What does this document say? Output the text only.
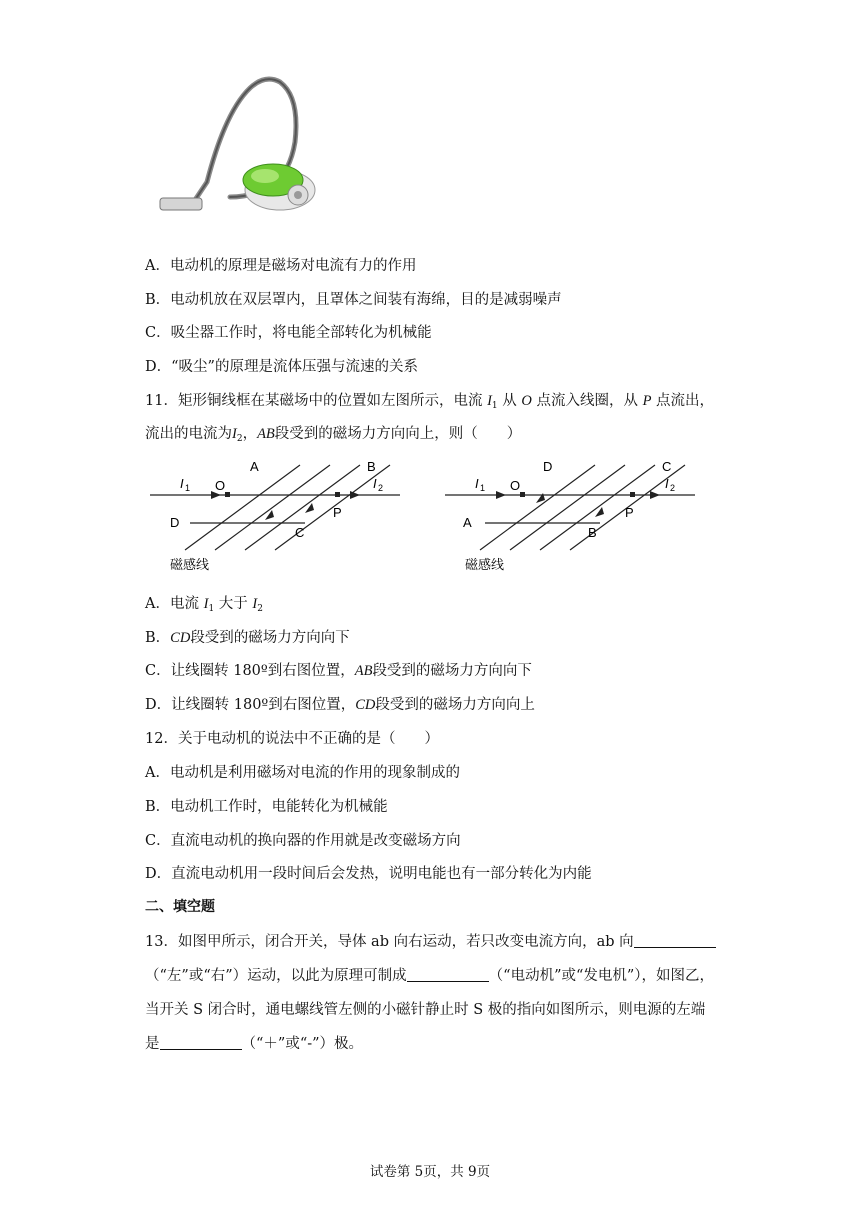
A．电动机的原理是磁场对电流有力的作用
B．电动机放在双层罩内，且罩体之间装有海绵，目的是减弱噪声
C．吸尘器工作时，将电能全部转化为机械能
D．“吸尘”的原理是流体压强与流速的关系
11．矩形铜线框在某磁场中的位置如左图所示，电流 $I_1$ 从 O 点流入线圈，从 P 点流出，
流出的电流为$I_2$，AB段受到的磁场力方向向上，则（　　）
A	B
C
D
O
P
I 1	I 2
磁感线
D	C
B
A
O
P
I 1	I 2
磁感线
A．电流 $I_1$ 大于 $I_2$
B．CD段受到的磁场力方向向下
C．让线圈转 180º到右图位置，AB段受到的磁场力方向向下
D．让线圈转 180º到右图位置，CD段受到的磁场力方向向上
12．关于电动机的说法中不正确的是（　　）
A．电动机是利用磁场对电流的作用的现象制成的
B．电动机工作时，电能转化为机械能
C．直流电动机的换向器的作用就是改变磁场方向
D．直流电动机用一段时间后会发热，说明电能也有一部分转化为内能
二、填空题
13．如图甲所示，闭合开关，导体 ab 向右运动，若只改变电流方向，ab 向
（“左”或“右”）运动，以此为原理可制成	（“电动机”或“发电机”），如图乙，
当开关 S 闭合时，通电螺线管左侧的小磁针静止时 S 极的指向如图所示，则电源的左端
是	（“＋”或“-”）极。
试卷第 5页，共 9页
